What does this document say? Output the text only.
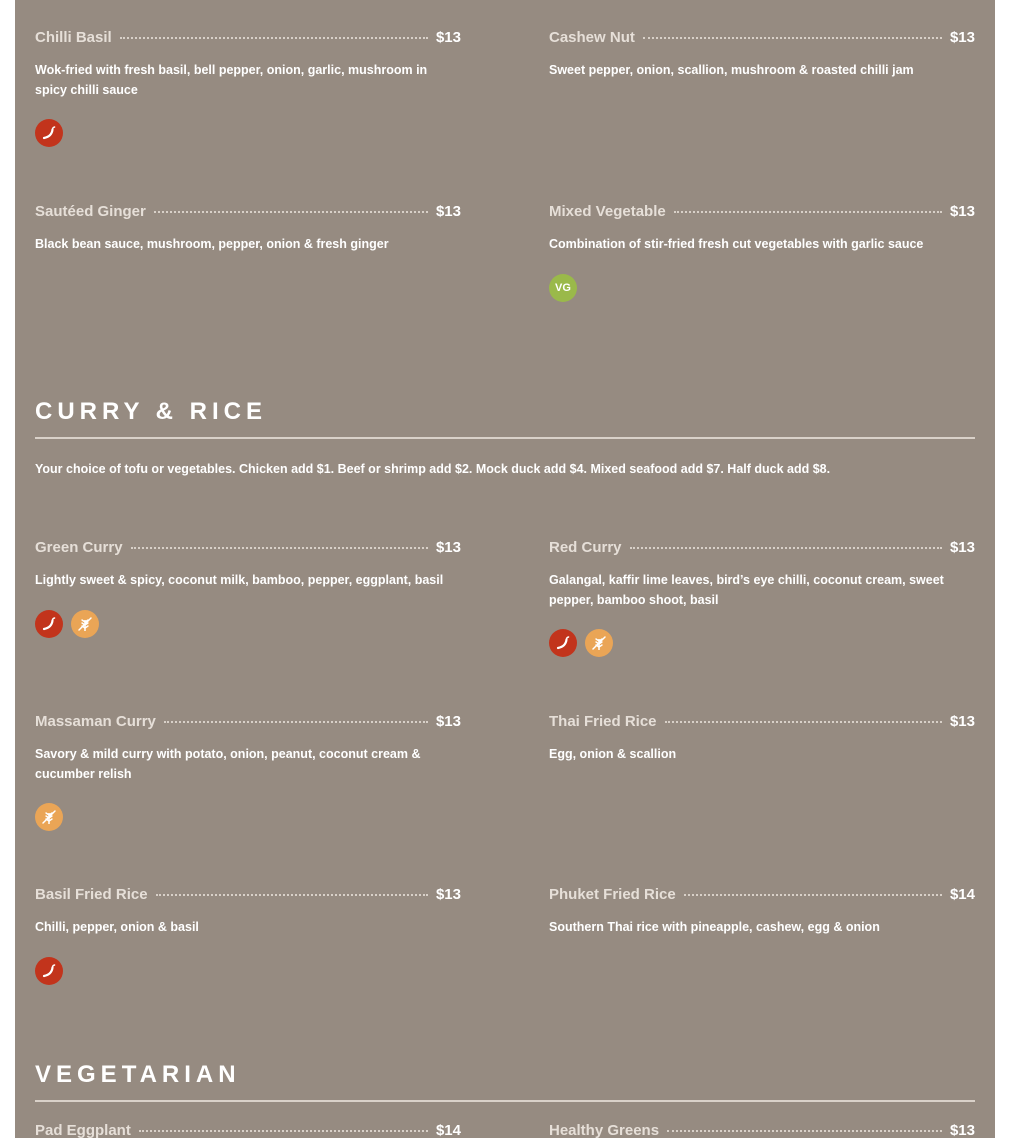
Chilli Basil	$13
Wok-fried with fresh basil, bell pepper, onion, garlic, mushroom in spicy chilli sauce
Cashew Nut	$13
Sweet pepper, onion, scallion, mushroom & roasted chilli jam
Sautéed Ginger	$13
Black bean sauce, mushroom, pepper, onion & fresh ginger
Mixed Vegetable	$13
Combination of stir-fried fresh cut vegetables with garlic sauce
VG
CURRY & RICE
Your choice of tofu or vegetables. Chicken add $1. Beef or shrimp add $2. Mock duck add $4. Mixed seafood add $7. Half duck add $8.
Green Curry	$13
Lightly sweet & spicy, coconut milk, bamboo, pepper, eggplant, basil
Red Curry	$13
Galangal, kaffir lime leaves, bird’s eye chilli, coconut cream, sweet pepper, bamboo shoot, basil
Massaman Curry	$13
Savory & mild curry with potato, onion, peanut, coconut cream & cucumber relish
Thai Fried Rice	$13
Egg, onion & scallion
Basil Fried Rice	$13
Chilli, pepper, onion & basil
Phuket Fried Rice	$14
Southern Thai rice with pineapple, cashew, egg & onion
VEGETARIAN
Pad Eggplant	$14	Healthy Greens	$13
